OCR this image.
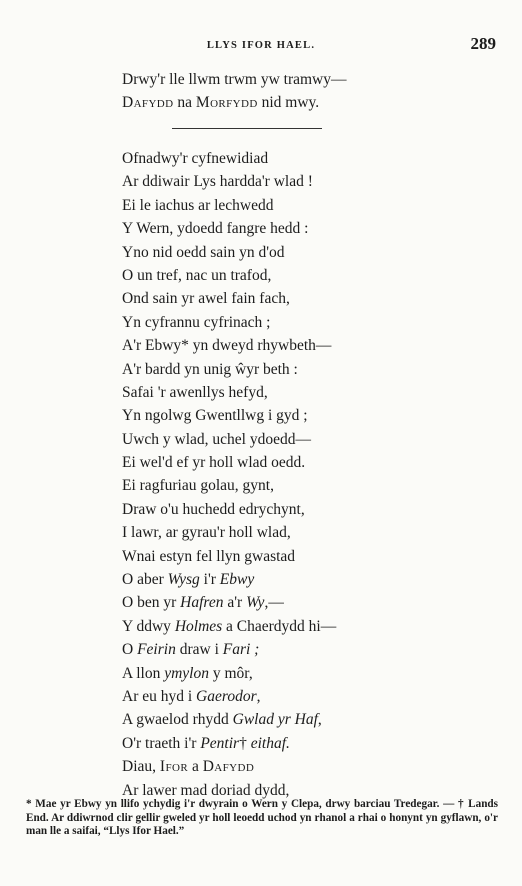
LLYS IFOR HAEL.	289
Drwy'r lle llwm trwm yw tramwy—
Dafydd na Morfydd nid mwy.
Ofnadwy'r cyfnewidiad
Ar ddiwair Lys hardda'r wlad !
Ei le iachus ar lechwedd
Y Wern, ydoedd fangre hedd :
Yno nid oedd sain yn d'od
O un tref, nac un trafod,
Ond sain yr awel fain fach,
Yn cyfrannu cyfrinach ;
A'r Ebwy* yn dweyd rhywbeth—
A'r bardd yn unig ŵyr beth :
Safai 'r awenllys hefyd,
Yn ngolwg Gwentllwg i gyd ;
Uwch y wlad, uchel ydoedd—
Ei wel'd ef yr holl wlad oedd.
Ei ragfuriau golau, gynt,
Draw o'u huchedd edrychynt,
I lawr, ar gyrau'r holl wlad,
Wnai estyn fel llyn gwastad
O aber Wysg i'r Ebwy
O ben yr Hafren a'r Wy,—
Y ddwy Holmes a Chaerdydd hi—
O Feirin draw i Fari ;
A llon ymylon y môr,
Ar eu hyd i Gaerodor,
A gwaelod rhydd Gwlad yr Haf,
O'r traeth i'r Pentir† eithaf.
Diau, Ifor a Dafydd
Ar lawer mad doriad dydd,

* Mae yr Ebwy yn llifo ychydig i'r dwyrain o Wern y Clepa, drwy barciau Tredegar. — † Lands End. Ar ddiwrnod clir gellir gweled yr holl leoedd uchod yn rhanol a rhai o honynt yn gyflawn, o'r man lle a saifai, “Llys Ifor Hael.”
